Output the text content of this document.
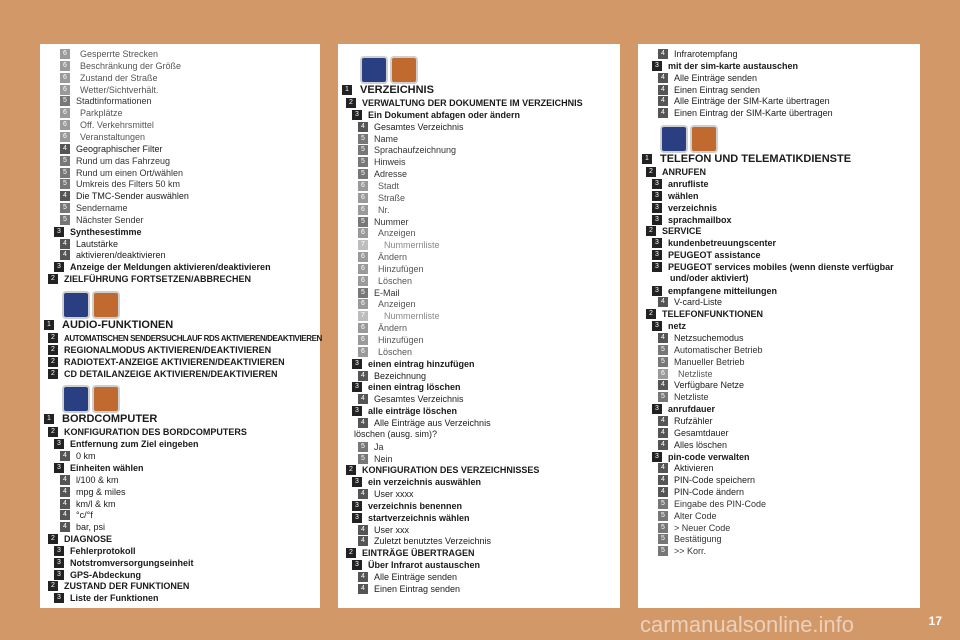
6	Gesperrte Strecken
6	Beschränkung der Größe
6	Zustand der Straße
6	Wetter/Sichtverhält.
5	Stadtinformationen
6	Parkplätze
6	Off. Verkehrsmittel
6	Veranstaltungen
4	Geographischer Filter
5	Rund um das Fahrzeug
5	Rund um einen Ort/wählen
5	Umkreis des Filters 50 km
4	Die TMC-Sender auswählen
5	Sendername
5	Nächster Sender
3	Synthesestimme
4	Lautstärke
4	aktivieren/deaktivieren
3	Anzeige der Meldungen aktivieren/deaktivieren
2	ZIELFÜHRUNG FORTSETZEN/ABBRECHEN
1 AUDIO-FUNKTIONEN
2	AUTOMATISCHEN SENDERSUCHLAUF RDS AKTIVIEREN/DEAKTIVIEREN
2	REGIONALMODUS AKTIVIEREN/DEAKTIVIEREN
2	RADIOTEXT-ANZEIGE AKTIVIEREN/DEAKTIVIEREN
2	CD DETAILANZEIGE AKTIVIEREN/DEAKTIVIEREN
1 BORDCOMPUTER
2	KONFIGURATION DES BORDCOMPUTERS
3	Entfernung zum Ziel eingeben
4	0 km
3	Einheiten wählen
4	l/100 & km
4	mpg & miles
4	km/l & km
4	°c/°f
4	bar, psi
2	DIAGNOSE
3	Fehlerprotokoll
3	Notstromversorgungseinheit
3	GPS-Abdeckung
2	ZUSTAND DER FUNKTIONEN
3	Liste der Funktionen
1 VERZEICHNIS
2	VERWALTUNG DER DOKUMENTE IM VERZEICHNIS
3	Ein Dokument abfagen oder ändern
4	Gesamtes Verzeichnis
5	Name
5	Sprachaufzeichnung
5	Hinweis
5	Adresse
6	Stadt
6	Straße
6	Nr.
5	Nummer
6	Anzeigen
7	Nummernliste
6	Ändern
6	Hinzufügen
6	Löschen
5	E-Mail
6	Anzeigen
7	Nummernliste
6	Ändern
6	Hinzufügen
6	Löschen
3	einen eintrag hinzufügen
4	Bezeichnung
3	einen eintrag löschen
4	Gesamtes Verzeichnis
3	alle einträge löschen
4	Alle Einträge aus Verzeichnis
löschen (ausg. sim)?
5	Ja
5	Nein
2	KONFIGURATION DES VERZEICHNISSES
3	ein verzeichnis auswählen
4	User xxxx
3	verzeichnis benennen
3	startverzeichnis wählen
4	User xxx
4	Zuletzt benutztes Verzeichnis
2	EINTRÄGE ÜBERTRAGEN
3	Über Infrarot austauschen
4	Alle Einträge senden
4	Einen Eintrag senden
4	Infrarotempfang
3	mit der sim-karte austauschen
4	Alle Einträge senden
4	Einen Eintrag senden
4	Alle Einträge der SIM-Karte übertragen
4	Einen Eintrag der SIM-Karte übertragen
1 TELEFON UND TELEMATIKDIENSTE
2	ANRUFEN
3	anrufliste
3	wählen
3	verzeichnis
3	sprachmailbox
2	SERVICE
3	kundenbetreuungscenter
3	PEUGEOT assistance
3	PEUGEOT services mobiles (wenn dienste verfügbar
und/oder aktiviert)
3	empfangene mitteilungen
4	V-card-Liste
2	TELEFONFUNKTIONEN
3	netz
4	Netzsuchemodus
5	Automatischer Betrieb
5	Manueller Betrieb
6	Netzliste
4	Verfügbare Netze
5	Netzliste
3	anrufdauer
4	Rufzähler
4	Gesamtdauer
4	Alles löschen
3	pin-code verwalten
4	Aktivieren
4	PIN-Code speichern
4	PIN-Code ändern
5	Eingabe des PIN-Code
5	Alter Code
5	> Neuer Code
5	Bestätigung
5	>> Korr.
17
carmanualsonline.info
